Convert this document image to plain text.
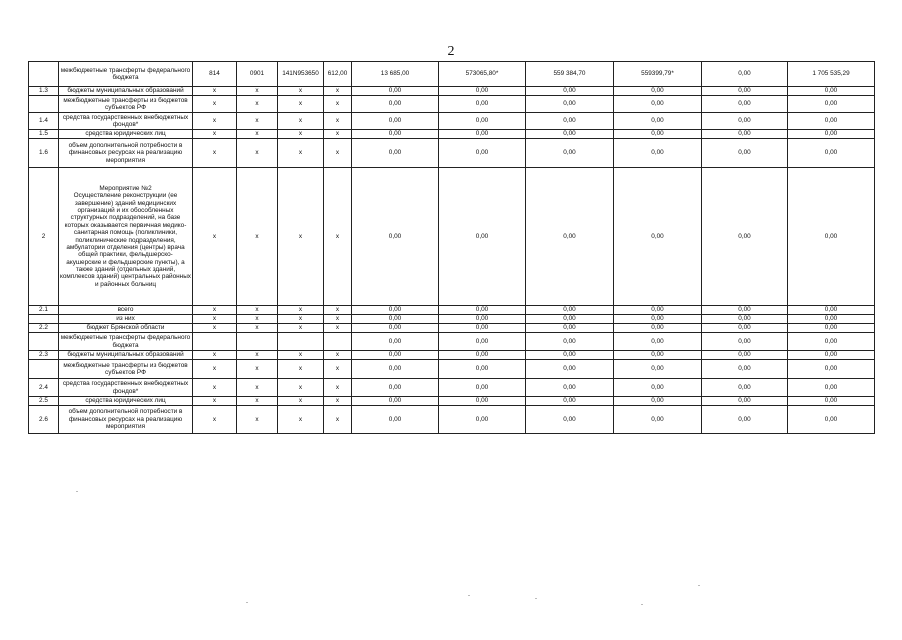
2
	межбюджетные трансферты федерального бюджета	814	0901	141N953650	612,00	13 685,00	573065,80*	559 384,70	559399,79*	0,00	1 705 535,29
1.3	бюджеты муниципальных образований	x	x	x	x	0,00	0,00	0,00	0,00	0,00	0,00
	межбюджетные трансферты из бюджетов субъектов РФ	x	x	x	x	0,00	0,00	0,00	0,00	0,00	0,00
1.4	средства государственных внебюджетных фондов*	x	x	x	x	0,00	0,00	0,00	0,00	0,00	0,00
1.5	средства юридических лиц	x	x	x	x	0,00	0,00	0,00	0,00	0,00	0,00
1.6	объем дополнительной потребности в финансовых ресурсах на реализацию мероприятия	x	x	x	x	0,00	0,00	0,00	0,00	0,00	0,00
2	Мероприятие №2
Осуществление реконструкции (ее завершение) зданий медицинских организаций и их обособленных структурных подразделений, на базе которых оказывается первичная медико-санитарная помощь (поликлиники, поликлинические подразделения, амбулатории отделения (центры) врача общей практики, фельдшерско- акушерские и фельдшерские пункты), а также зданий (отдельных зданий, комплексов зданий) центральных районных и районных больниц	x	x	x	x	0,00	0,00	0,00	0,00	0,00	0,00
2.1	всего	x	x	x	x	0,00	0,00	0,00	0,00	0,00	0,00
	из них	x	x	x	x	0,00	0,00	0,00	0,00	0,00	0,00
2.2	бюджет Брянской области	x	x	x	x	0,00	0,00	0,00	0,00	0,00	0,00
	межбюджетные трансферты федерального бюджета					0,00	0,00	0,00	0,00	0,00	0,00
2.3	бюджеты муниципальных образований	x	x	x	x	0,00	0,00	0,00	0,00	0,00	0,00
	межбюджетные трансферты из бюджетов субъектов РФ	x	x	x	x	0,00	0,00	0,00	0,00	0,00	0,00
2.4	средства государственных внебюджетных фондов*	x	x	x	x	0,00	0,00	0,00	0,00	0,00	0,00
2.5	средства юридических лиц	x	x	x	x	0,00	0,00	0,00	0,00	0,00	0,00
2.6	объем дополнительной потребности в финансовых ресурсах на реализацию мероприятия	x	x	x	x	0,00	0,00	0,00	0,00	0,00	0,00
